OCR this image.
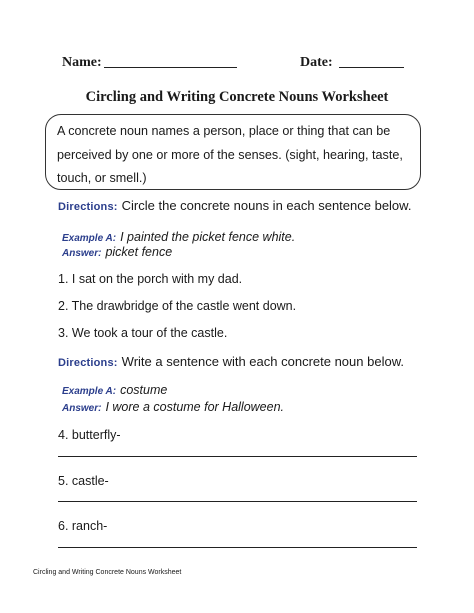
Name:	Date:
Circling and Writing Concrete Nouns Worksheet
A concrete noun names a person, place or thing that can be perceived by one or more of the senses. (sight, hearing, taste, touch, or smell.)
Directions: Circle the concrete nouns in each sentence below.
Example A: I painted the picket fence white.
Answer: picket fence
1. I sat on the porch with my dad.
2. The drawbridge of the castle went down.
3. We took a tour of the castle.
Directions: Write a sentence with each concrete noun below.
Example A: costume
Answer: I wore a costume for Halloween.
4. butterfly-
5. castle-
6. ranch-
Circling and Writing Concrete Nouns Worksheet
